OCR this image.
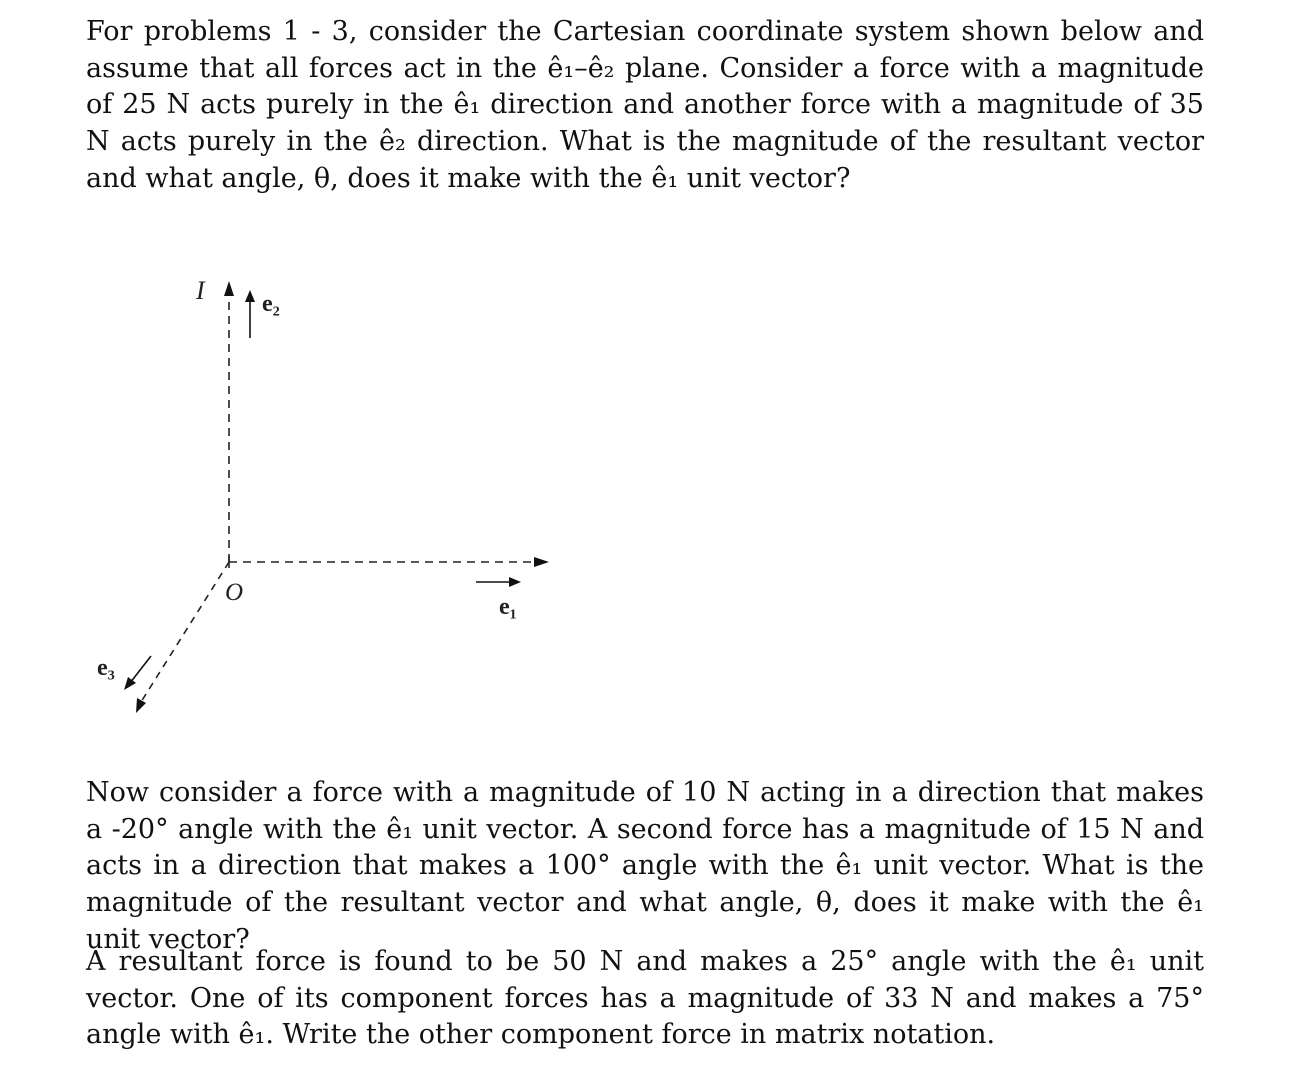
For problems 1 - 3, consider the Cartesian coordinate system shown below and assume that all forces act in the ê₁–ê₂ plane. Consider a force with a magnitude of 25 N acts purely in the ê₁ direction and another force with a magnitude of 35 N acts purely in the ê₂ direction. What is the magnitude of the resultant vector and what angle, θ, does it make with the ê₁ unit vector?

I e₂
O
e₁
e₃

Now consider a force with a magnitude of 10 N acting in a direction that makes a -20° angle with the ê₁ unit vector. A second force has a magnitude of 15 N and acts in a direction that makes a 100° angle with the ê₁ unit vector. What is the magnitude of the resultant vector and what angle, θ, does it make with the ê₁ unit vector?

A resultant force is found to be 50 N and makes a 25° angle with the ê₁ unit vector. One of its component forces has a magnitude of 33 N and makes a 75° angle with ê₁. Write the other component force in matrix notation.
